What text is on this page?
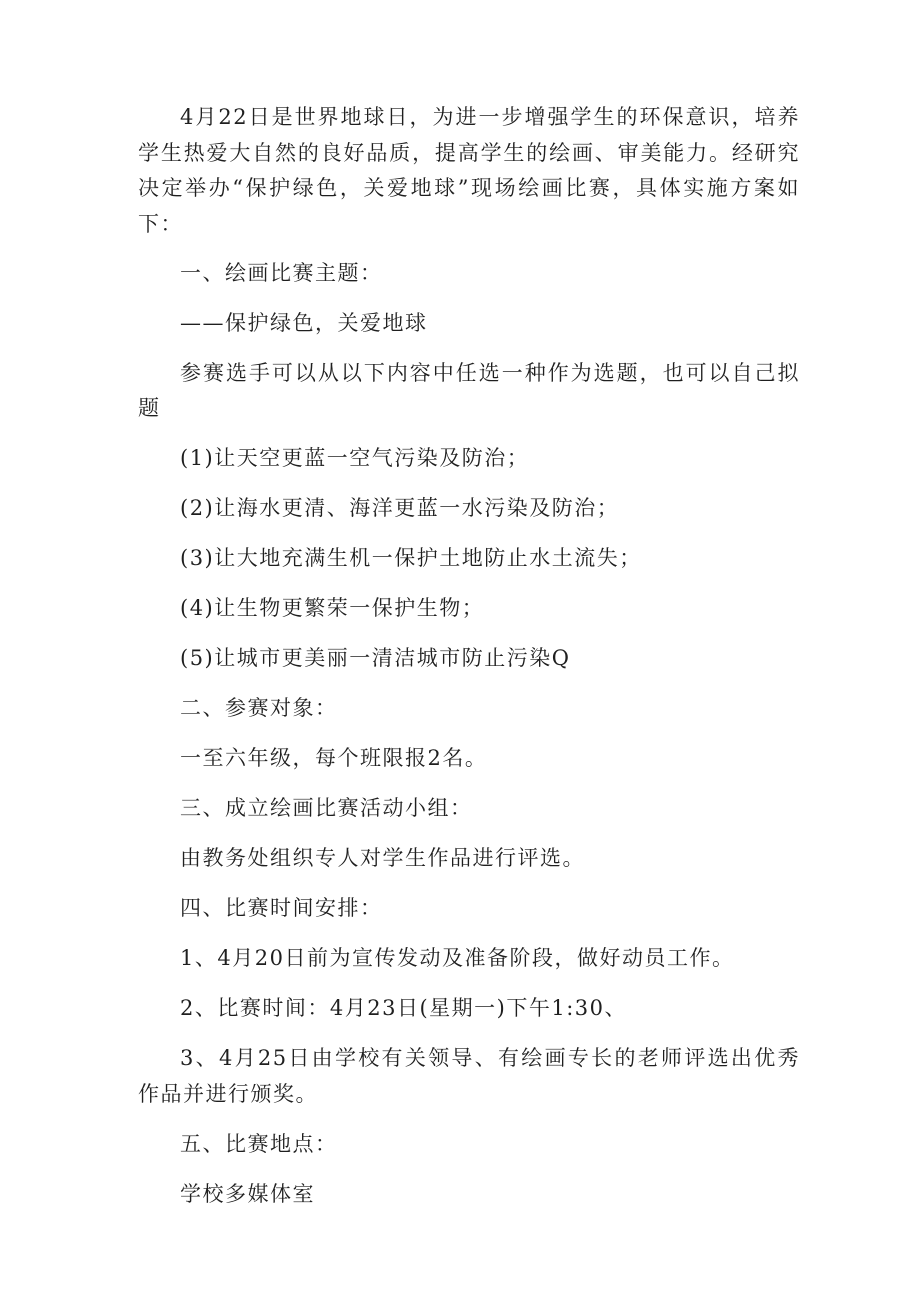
4月22日是世界地球日，为进一步增强学生的环保意识，培养学生热爱大自然的良好品质，提高学生的绘画、审美能力。经研究决定举办“保护绿色，关爱地球”现场绘画比赛，具体实施方案如下：

一、绘画比赛主题：

——保护绿色，关爱地球

参赛选手可以从以下内容中任选一种作为选题，也可以自己拟题

(1)让天空更蓝一空气污染及防治；

(2)让海水更清、海洋更蓝一水污染及防治；

(3)让大地充满生机一保护土地防止水土流失；

(4)让生物更繁荣一保护生物；

(5)让城市更美丽一清洁城市防止污染Q

二、参赛对象：

一至六年级，每个班限报2名。

三、成立绘画比赛活动小组：

由教务处组织专人对学生作品进行评选。

四、比赛时间安排：

1、4月20日前为宣传发动及准备阶段，做好动员工作。

2、比赛时间：4月23日(星期一)下午1:30、

3、4月25日由学校有关领导、有绘画专长的老师评选出优秀作品并进行颁奖。

五、比赛地点：

学校多媒体室
